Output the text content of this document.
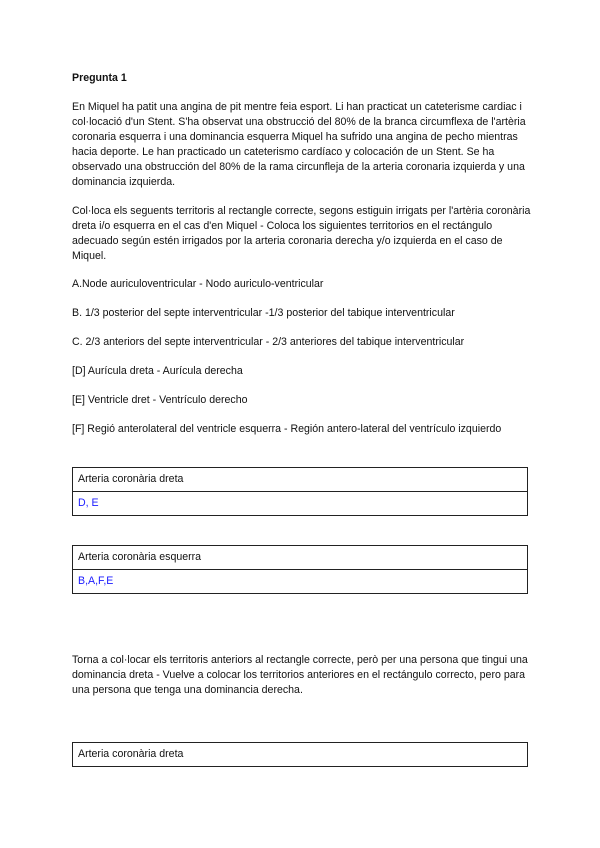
Pregunta 1

En Miquel ha patit una angina de pit mentre feia esport. Li han practicat un cateterisme cardiac i col·locació d'un Stent. S'ha observat una obstrucció del 80% de la branca circumflexa de l'artèria coronaria esquerra i una dominancia esquerra Miquel ha sufrido una angina de pecho mientras hacia deporte. Le han practicado un cateterismo cardíaco y colocación de un Stent. Se ha observado una obstrucción del 80% de la rama circunfleja de la arteria coronaria izquierda y una dominancia izquierda.

Col·loca els seguents territoris al rectangle correcte, segons estiguin irrigats per l'artèria coronària dreta i/o esquerra en el cas d'en Miquel - Coloca los siguientes territorios en el rectángulo adecuado según estén irrigados por la arteria coronaria derecha y/o izquierda en el caso de Miquel.

A.Node auriculoventricular - Nodo auriculo-ventricular
B. 1/3 posterior del septe interventricular -1/3 posterior del tabique interventricular
C. 2/3 anteriors del septe interventricular - 2/3 anteriores del tabique interventricular
[D] Aurícula dreta - Aurícula derecha
[E] Ventricle dret - Ventrículo derecho
[F] Regió anterolateral del ventricle esquerra - Región antero-lateral del ventrículo izquierdo
Arteria coronària dreta
D, E
Arteria coronària esquerra
B,A,F,E

Torna a col·locar els territoris anteriors al rectangle correcte, però per una persona que tingui una dominancia dreta - Vuelve a colocar los territorios anteriores en el rectángulo correcto, pero para una persona que tenga una dominancia derecha.

Arteria coronària dreta
